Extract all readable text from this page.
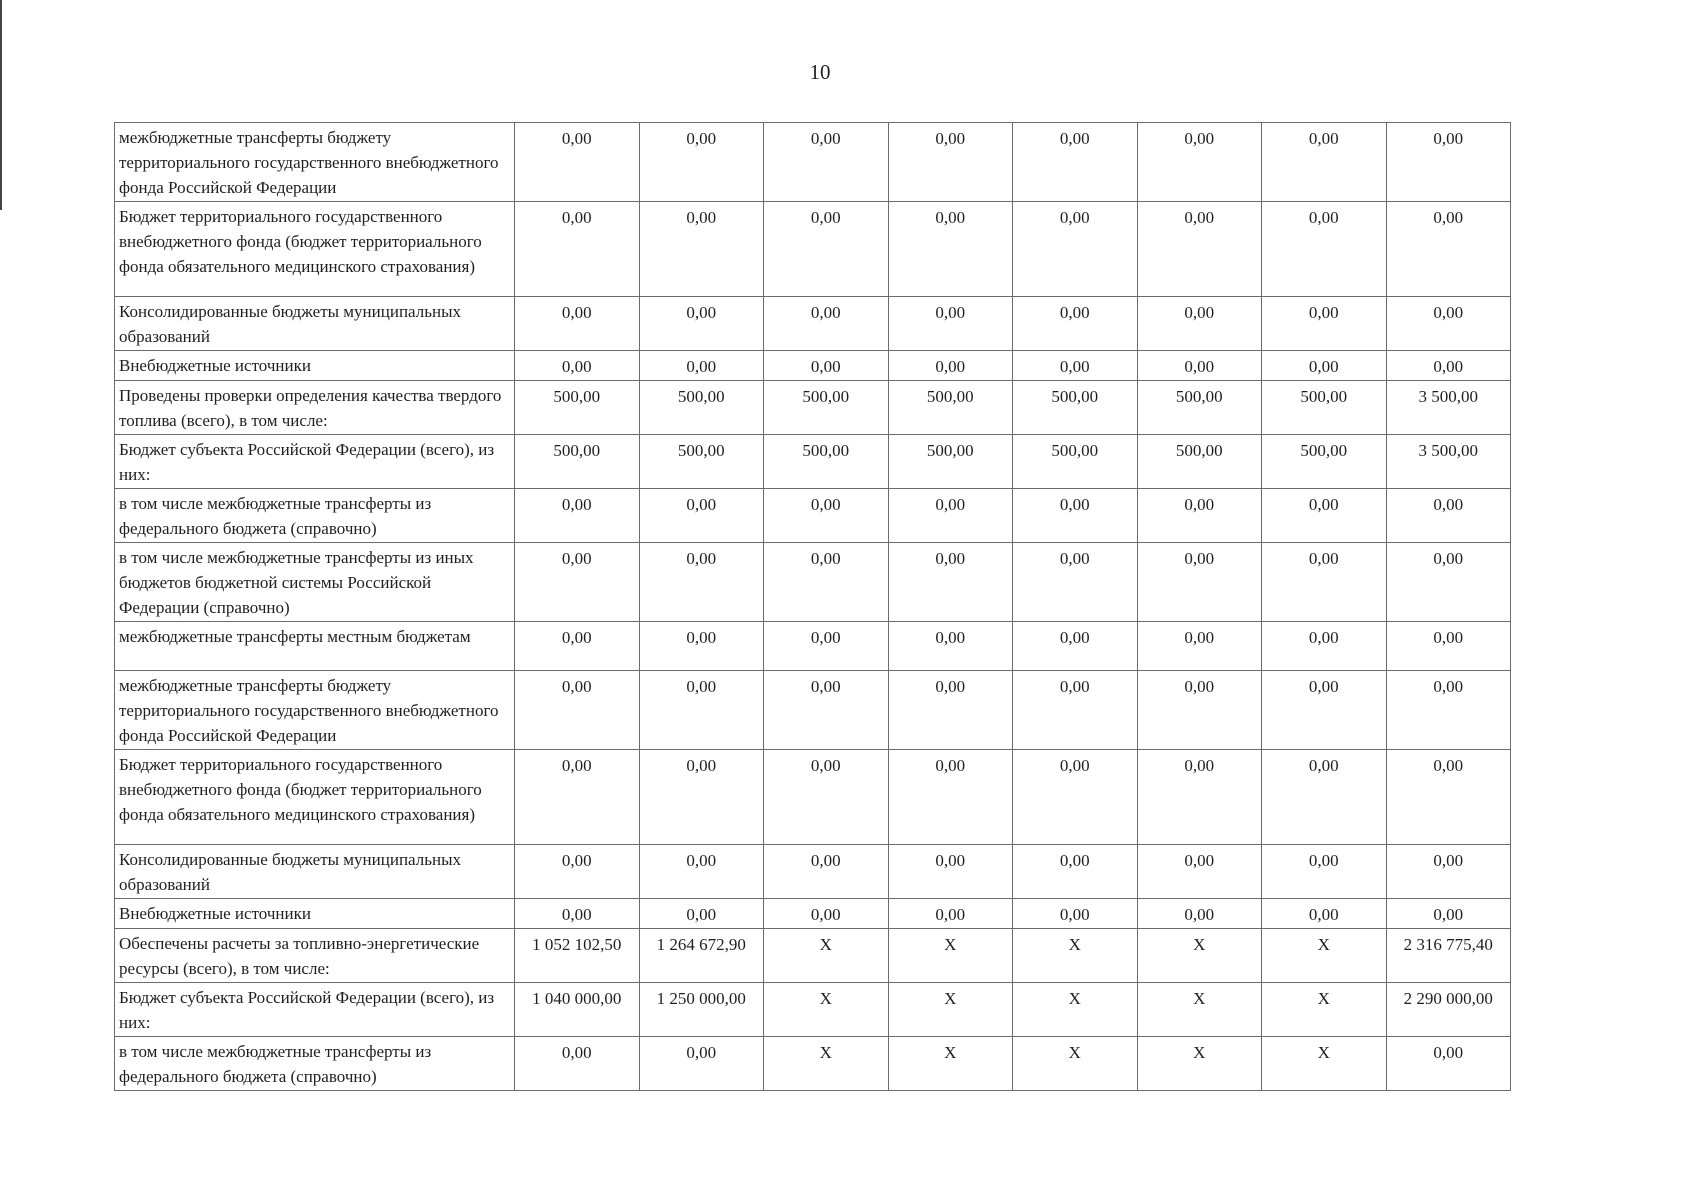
10
межбюджетные трансферты бюджету территориального государственного внебюджетного фонда Российской Федерации	0,00	0,00	0,00	0,00	0,00	0,00	0,00	0,00
Бюджет территориального государственного внебюджетного фонда (бюджет территориального фонда обязательного медицинского страхования)	0,00	0,00	0,00	0,00	0,00	0,00	0,00	0,00
Консолидированные бюджеты муниципальных образований	0,00	0,00	0,00	0,00	0,00	0,00	0,00	0,00
Внебюджетные источники	0,00	0,00	0,00	0,00	0,00	0,00	0,00	0,00
Проведены проверки определения качества твердого топлива (всего), в том числе:	500,00	500,00	500,00	500,00	500,00	500,00	500,00	3 500,00
Бюджет субъекта Российской Федерации (всего), из них:	500,00	500,00	500,00	500,00	500,00	500,00	500,00	3 500,00
в том числе межбюджетные трансферты из федерального бюджета (справочно)	0,00	0,00	0,00	0,00	0,00	0,00	0,00	0,00
в том числе межбюджетные трансферты из иных бюджетов бюджетной системы Российской Федерации (справочно)	0,00	0,00	0,00	0,00	0,00	0,00	0,00	0,00
межбюджетные трансферты местным бюджетам	0,00	0,00	0,00	0,00	0,00	0,00	0,00	0,00
межбюджетные трансферты бюджету территориального государственного внебюджетного фонда Российской Федерации	0,00	0,00	0,00	0,00	0,00	0,00	0,00	0,00
Бюджет территориального государственного внебюджетного фонда (бюджет территориального фонда обязательного медицинского страхования)	0,00	0,00	0,00	0,00	0,00	0,00	0,00	0,00
Консолидированные бюджеты муниципальных образований	0,00	0,00	0,00	0,00	0,00	0,00	0,00	0,00
Внебюджетные источники	0,00	0,00	0,00	0,00	0,00	0,00	0,00	0,00
Обеспечены расчеты за топливно-энергетические ресурсы (всего), в том числе:	1 052 102,50	1 264 672,90	X	X	X	X	X	2 316 775,40
Бюджет субъекта Российской Федерации (всего), из них:	1 040 000,00	1 250 000,00	X	X	X	X	X	2 290 000,00
в том числе межбюджетные трансферты из федерального бюджета (справочно)	0,00	0,00	X	X	X	X	X	0,00
